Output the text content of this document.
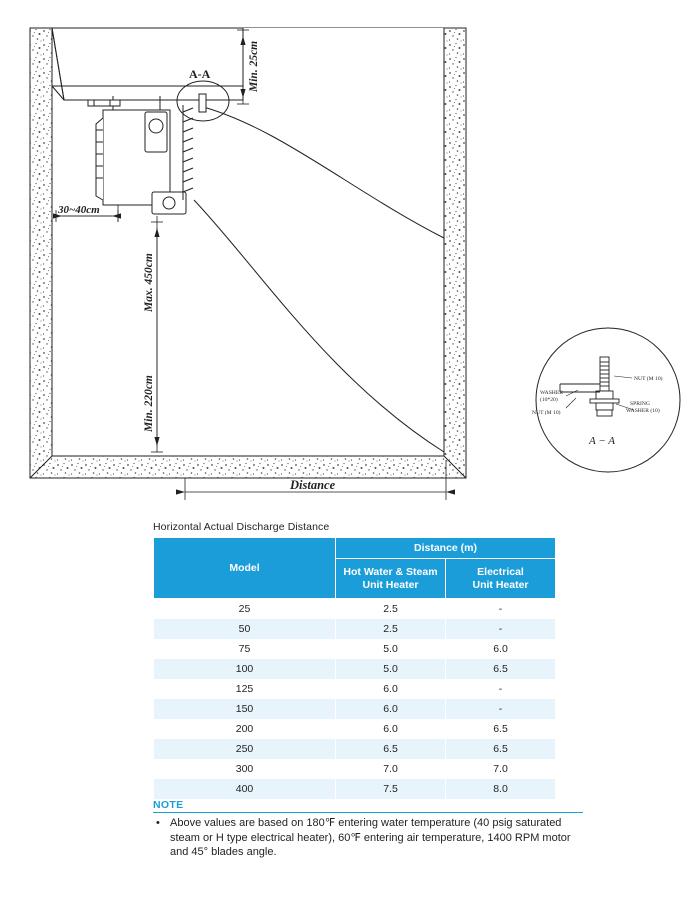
A-A	Min. 25cm
30~40cm
Max. 450cm
Min. 220cm
Distance
WASHER
(10*20)
NUT (M 10)
NUT (M 10)
SPRING
WASHER (10)
A − A
Horizontal Actual Discharge Distance
Model	Distance (m)	

Hot Water & Steam
Unit Heater

Electrical
Unit Heater

25	2.5	-
50	2.5	-
75	5.0	6.0
100	5.0	6.5
125	6.0	-
150	6.0	-
200	6.0	6.5
250	6.5	6.5
300	7.0	7.0
400	7.5	8.0
NOTE
• Above values are based on 180℉ entering water temperature (40 psig saturated steam or H type electrical heater), 60℉ entering air temperature, 1400 RPM motor and 45° blades angle.
